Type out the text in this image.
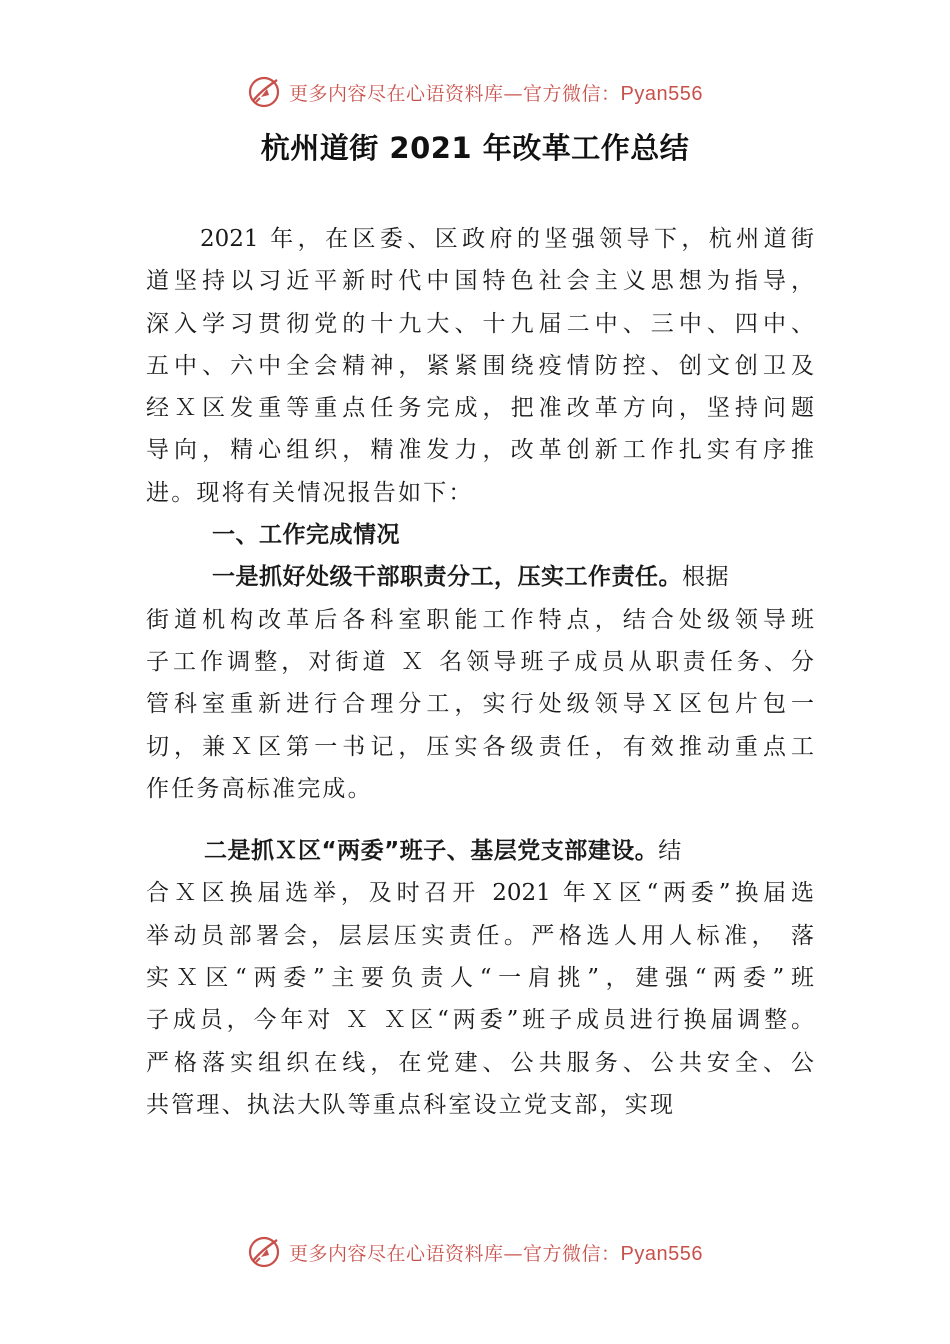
更多内容尽在心语资料库—官方微信：Pyan556
杭州道街 2021 年改革工作总结
2021 年，在区委、区政府的坚强领导下，杭州道街
道坚持以习近平新时代中国特色社会主义思想为指导，
深入学习贯彻党的十九大、十九届二中、三中、四中、
五中、六中全会精神，紧紧围绕疫情防控、创文创卫及
经Ｘ区发重等重点任务完成，把准改革方向，坚持问题
导向，精心组织，精准发力，改革创新工作扎实有序推
进。现将有关情况报告如下：
一、工作完成情况
一是抓好处级干部职责分工，压实工作责任。根据
街道机构改革后各科室职能工作特点，结合处级领导班
子工作调整，对街道 Ｘ 名领导班子成员从职责任务、分
管科室重新进行合理分工，实行处级领导Ｘ区包片包一
切，兼Ｘ区第一书记，压实各级责任，有效推动重点工
作任务高标准完成。
二是抓Ｘ区“两委”班子、基层党支部建设。结
合Ｘ区换届选举，及时召开 2021 年Ｘ区“两委”换届选
举动员部署会，层层压实责任。严格选人用人标准， 落
实Ｘ区“两委”主要负责人“一肩挑”，建强“两委”班
子成员，今年对 Ｘ Ｘ区“两委”班子成员进行换届调整。
严格落实组织在线，在党建、公共服务、公共安全、公
共管理、执法大队等重点科室设立党支部，实现
更多内容尽在心语资料库—官方微信：Pyan556
